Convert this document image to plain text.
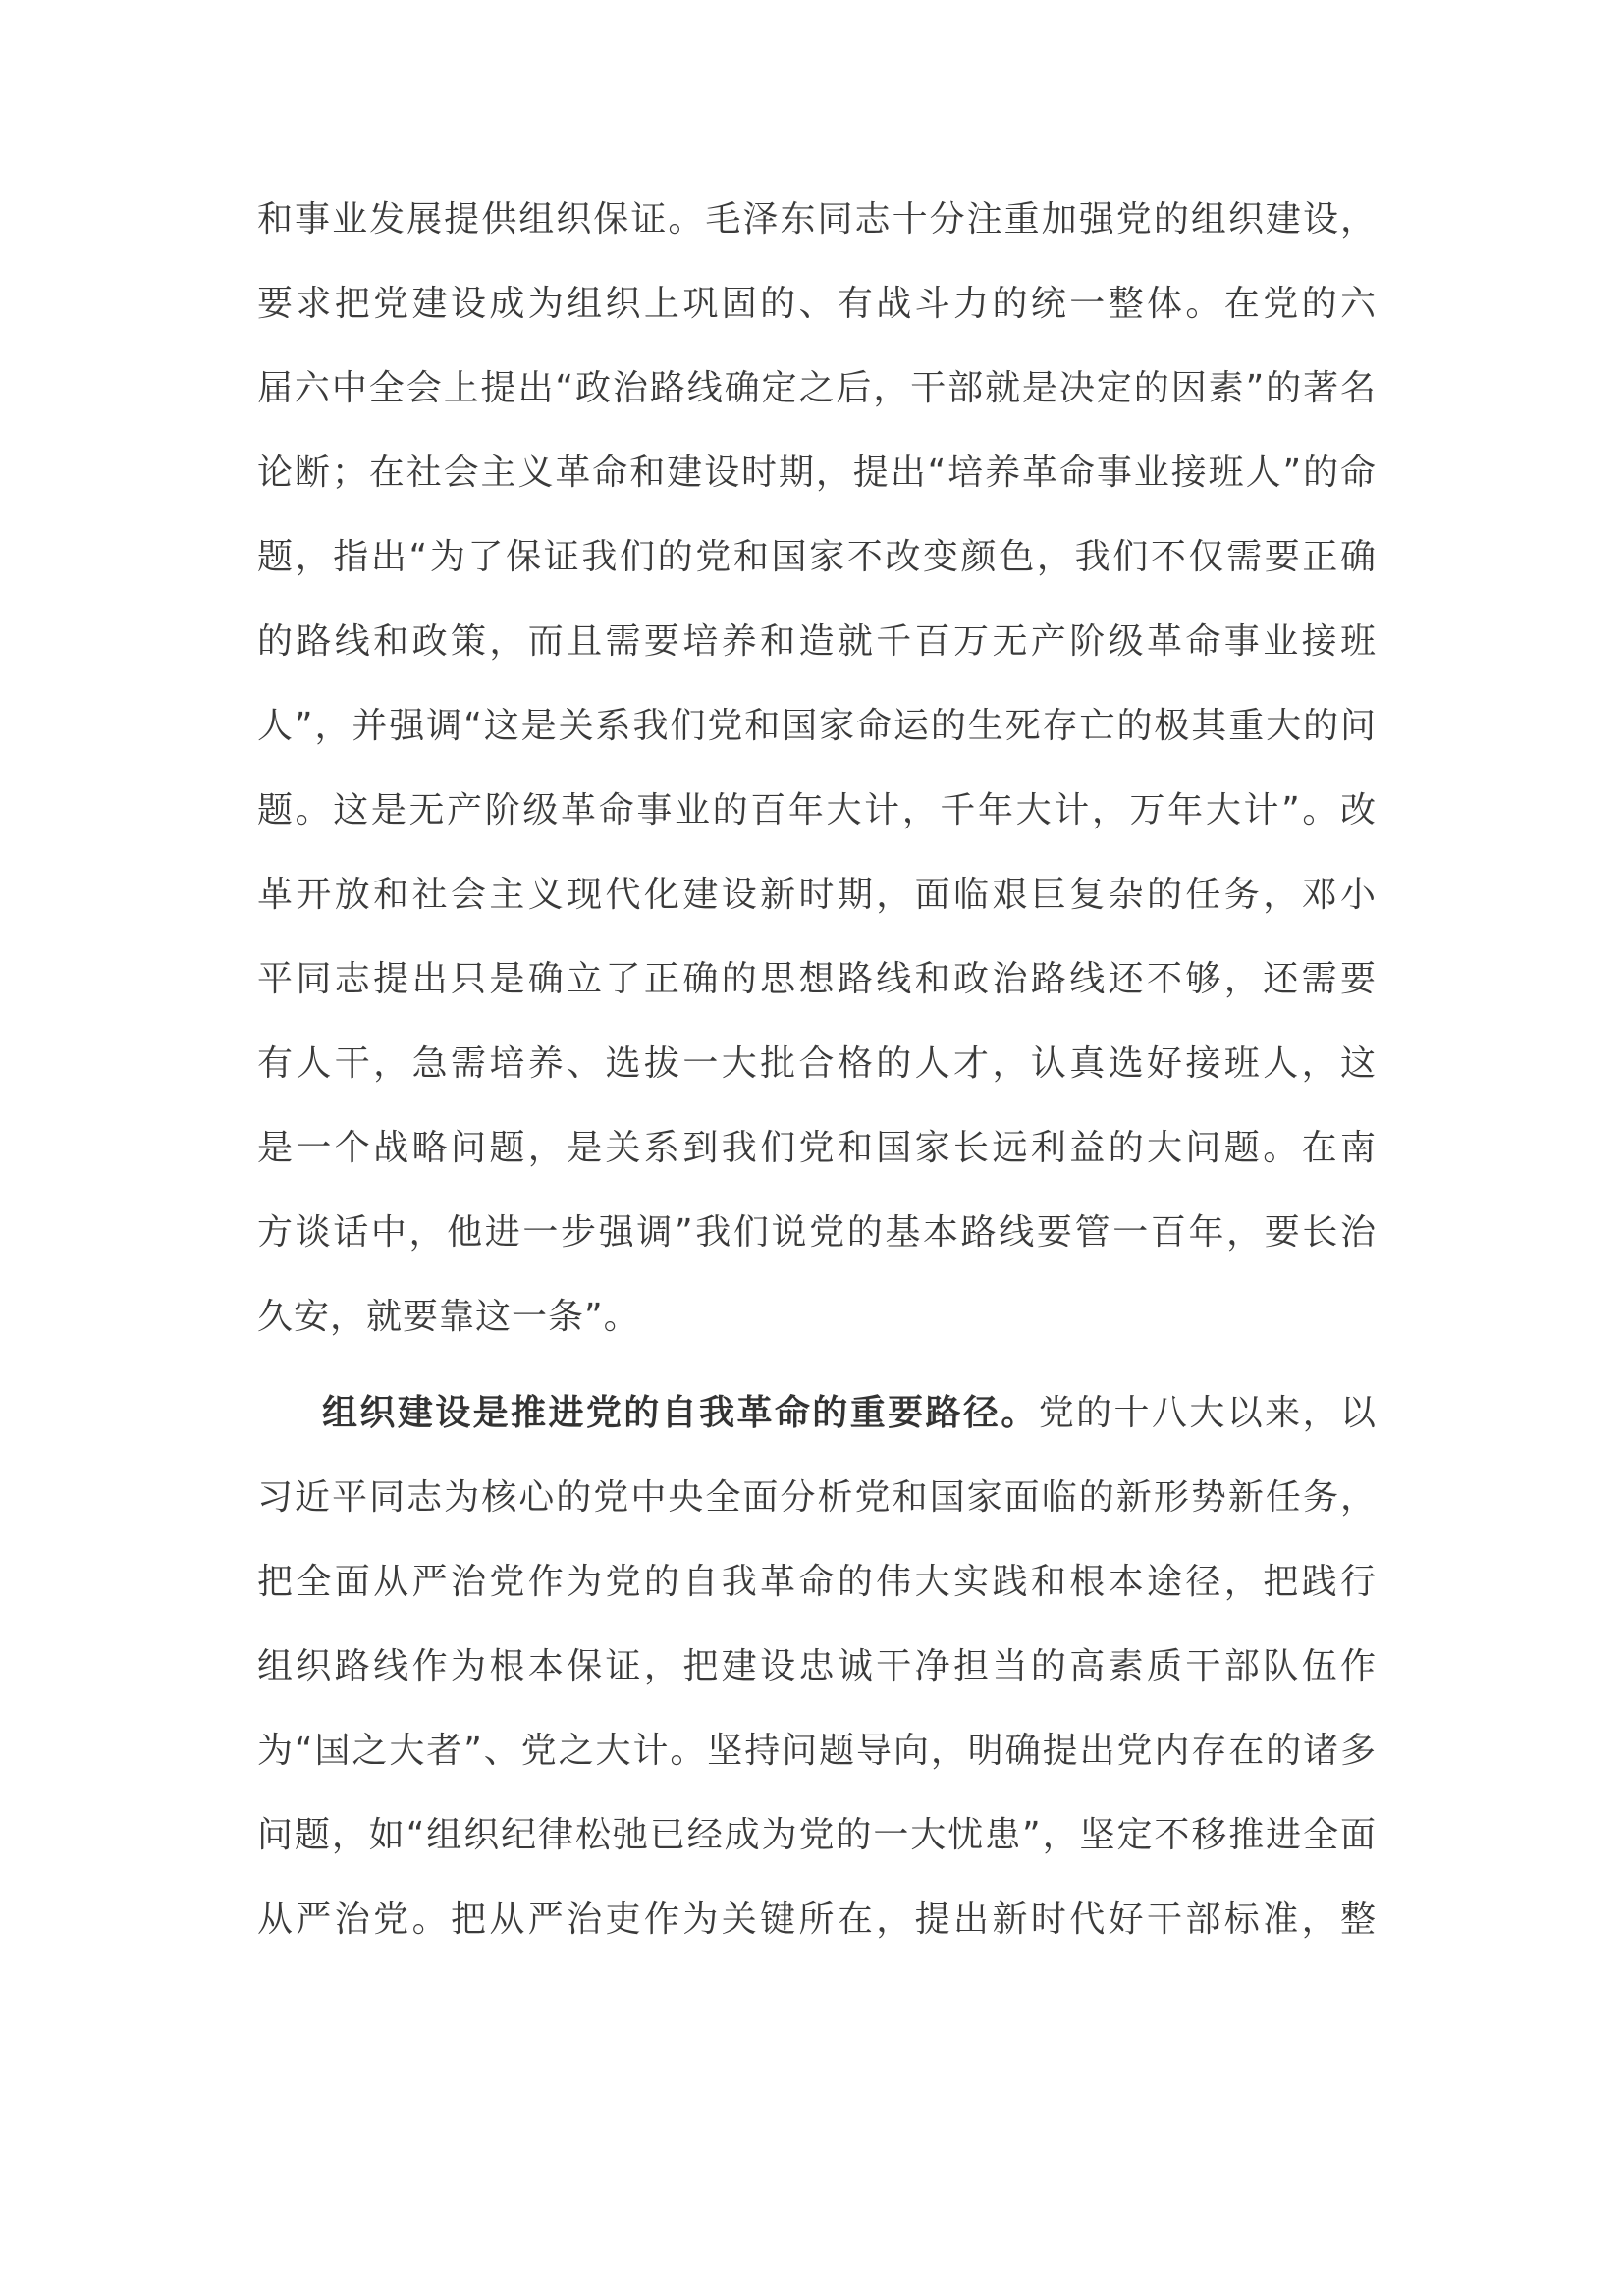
和事业发展提供组织保证。毛泽东同志十分注重加强党的组织建设，
要求把党建设成为组织上巩固的、有战斗力的统一整体。在党的六
届六中全会上提出“政治路线确定之后，干部就是决定的因素”的著名
论断；在社会主义革命和建设时期，提出“培养革命事业接班人”的命
题，指出“为了保证我们的党和国家不改变颜色，我们不仅需要正确
的路线和政策，而且需要培养和造就千百万无产阶级革命事业接班
人”，并强调“这是关系我们党和国家命运的生死存亡的极其重大的问
题。这是无产阶级革命事业的百年大计，千年大计，万年大计”。改
革开放和社会主义现代化建设新时期，面临艰巨复杂的任务，邓小
平同志提出只是确立了正确的思想路线和政治路线还不够，还需要
有人干，急需培养、选拔一大批合格的人才，认真选好接班人，这
是一个战略问题，是关系到我们党和国家长远利益的大问题。在南
方谈话中，他进一步强调”我们说党的基本路线要管一百年，要长治
久安，就要靠这一条”。
组织建设是推进党的自我革命的重要路径。党的十八大以来，以
习近平同志为核心的党中央全面分析党和国家面临的新形势新任务，
把全面从严治党作为党的自我革命的伟大实践和根本途径，把践行
组织路线作为根本保证，把建设忠诚干净担当的高素质干部队伍作
为“国之大者”、党之大计。坚持问题导向，明确提出党内存在的诸多
问题，如“组织纪律松弛已经成为党的一大忧患”，坚定不移推进全面
从严治党。把从严治吏作为关键所在，提出新时代好干部标准，整
